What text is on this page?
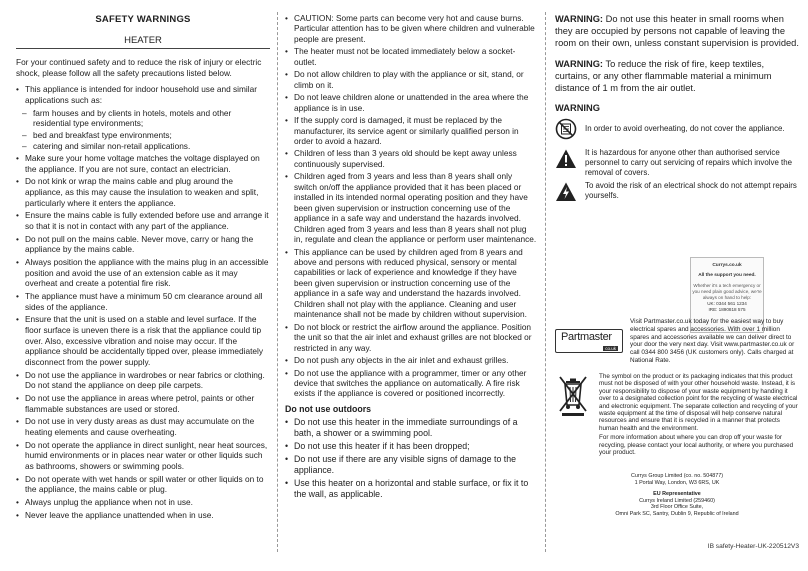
SAFETY WARNINGS
HEATER

For your continued safety and to reduce the risk of injury or electric shock, please follow all the safety precautions listed below.

• This appliance is intended for indoor household use and similar applications such as:
– farm houses and by clients in hotels, motels and other residential type environments;
– bed and breakfast type environments;
– catering and similar non-retail applications.
• Make sure your home voltage matches the voltage displayed on the appliance. If you are not sure, contact an electrician.
• Do not kink or wrap the mains cable and plug around the appliance, as this may cause the insulation to weaken and split, particularly where it enters the appliance.
• Ensure the mains cable is fully extended before use and arrange it so that it is not in contact with any part of the appliance.
• Do not pull on the mains cable. Never move, carry or hang the appliance by the mains cable.
• Always position the appliance with the mains plug in an accessible position and avoid the use of an extension cable as it may overheat and create a potential fire risk.
• The appliance must have a minimum 50 cm clearance around all sides of the appliance.
• Ensure that the unit is used on a stable and level surface. If the floor surface is uneven there is a risk that the appliance could tip over. Also, excessive vibration and noise may occur. If the appliance should be accidentally tipped over, please immediately disconnect from the power supply.
• Do not use the appliance in wardrobes or near fabrics or clothing. Do not stand the appliance on deep pile carpets.
• Do not use the appliance in areas where petrol, paints or other flammable substances are used or stored.
• Do not use in very dusty areas as dust may accumulate on the heating elements and cause overheating.
• Do not operate the appliance in direct sunlight, near heat sources, humid environments or in places near water or other liquids such as bathrooms, showers or swimming pools.
• Do not operate with wet hands or spill water or other liquids on to the appliance, the mains cable or plug.
• Always unplug the appliance when not in use.
• Never leave the appliance unattended when in use.
• CAUTION: Some parts can become very hot and cause burns. Particular attention has to be given where children and vulnerable people are present.
• The heater must not be located immediately below a socket-outlet.
• Do not allow children to play with the appliance or sit, stand, or climb on it.
• Do not leave children alone or unattended in the area where the appliance is in use.
• If the supply cord is damaged, it must be replaced by the manufacturer, its service agent or similarly qualified person in order to avoid a hazard.
• Children of less than 3 years old should be kept away unless continuously supervised.
• Children aged from 3 years and less than 8 years shall only switch on/off the appliance provided that it has been placed or installed in its intended normal operating position and they have been given supervision or instruction concerning use of the appliance in a safe way and understand the hazards involved. Children aged from 3 years and less than 8 years shall not plug in, regulate and clean the appliance or perform user maintenance.
• This appliance can be used by children aged from 8 years and above and persons with reduced physical, sensory or mental capabilities or lack of experience and knowledge if they have been given supervision or instruction concerning use of the appliance in a safe way and understand the hazards involved. Children shall not play with the appliance. Cleaning and user maintenance shall not be made by children without supervision.
• Do not block or restrict the airflow around the appliance. Position the unit so that the air inlet and exhaust grilles are not blocked or restricted in any way.
• Do not push any objects in the air inlet and exhaust grilles.
• Do not use the appliance with a programmer, timer or any other device that switches the appliance on automatically. A fire risk exists if the appliance is covered or positioned incorrectly.
Do not use outdoors
• Do not use this heater in the immediate surroundings of a bath, a shower or a swimming pool.
• Do not use this heater if it has been dropped;
• Do not use if there are any visible signs of damage to the appliance.
• Use this heater on a horizontal and stable surface, or fix it to the wall, as applicable.

WARNING: Do not use this heater in small rooms when they are occupied by persons not capable of leaving the room on their own, unless constant supervision is provided.

WARNING: To reduce the risk of fire, keep textiles, curtains, or any other flammable material a minimum distance of 1 m from the air outlet.

WARNING
In order to avoid overheating, do not cover the appliance.
It is hazardous for anyone other than authorised service personnel to carry out servicing of repairs which involve the removal of covers.
To avoid the risk of an electrical shock do not attempt repairs yourselfs.
Currys.co.uk
All the support you need.
Whether it's a tech emergency or you need plain good advice, we're always on hand to help:
UK: 0344 561 1234
IRE: 1890818 575
Partmaster
co.uk
Visit Partmaster.co.uk today for the easiest way to buy electrical spares and accessories. With over 1 million spares and accessories available we can deliver direct to your door the very next day. Visit www.partmaster.co.uk or call 0344 800 3456 (UK customers only). Calls charged at National Rate.

The symbol on the product or its packaging indicates that this product must not be disposed of with your other household waste. Instead, it is your responsibility to dispose of your waste equipment by handing it over to a designated collection point for the recycling of waste electrical and electronic equipment. The separate collection and recycling of your waste equipment at the time of disposal will help conserve natural resources and ensure that it is recycled in a manner that protects human health and the environment.

For more information about where you can drop off your waste for recycling, please contact your local authority, or where you purchased your product.

Currys Group Limited (co. no. 504877)
1 Portal Way, London, W3 6RS, UK
EU Representative
Currys Ireland Limited (259460)
3rd Floor Office Suite,
Omni Park SC, Santry, Dublin 9, Republic of Ireland
IB safety-Heater-UK-220512V3
